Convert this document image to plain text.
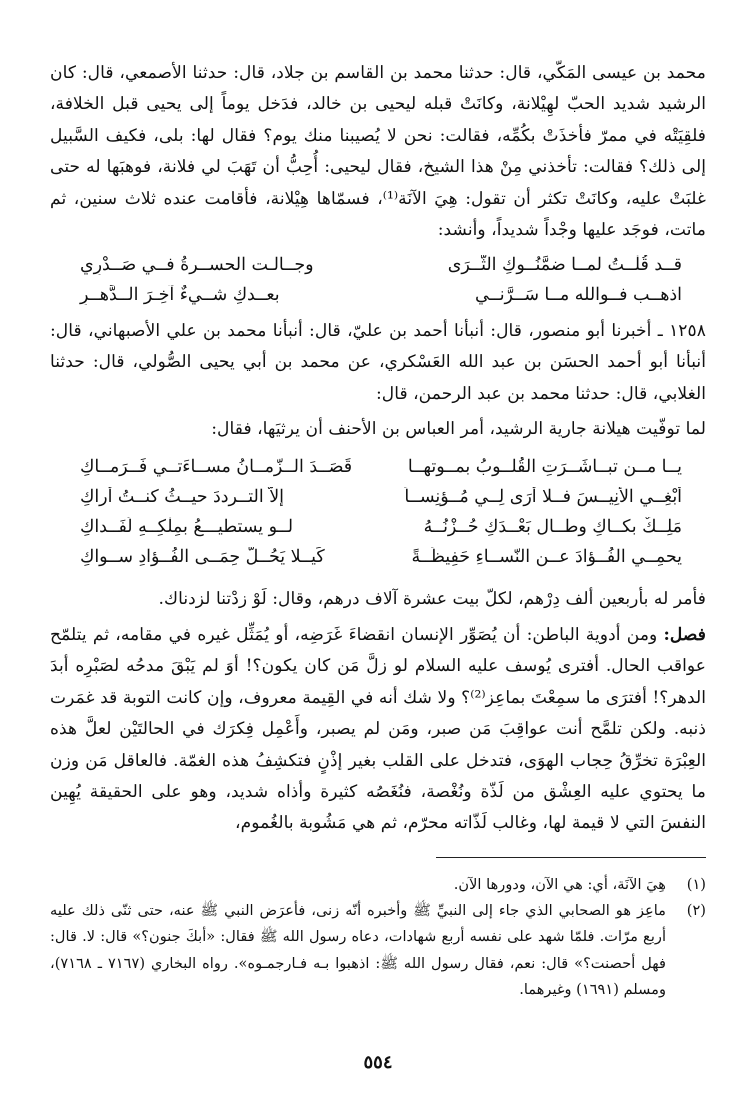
محمد بن عيسى المَكّي، قال: حدثنا محمد بن القاسم بن جلاد، قال: حدثنا الأصمعي، قال: كان الرشيد شديد الحبّ لهِيْلانة، وكانَتْ قبله ليحيى بن خالد، فدَخل يوماً إلى يحيى قبل الخلافة، فلقِيَتْه في ممرّ فأخذَتْ بكُمِّه، فقالت: نحن لا يُصيبنا منك يوم؟ فقال لها: بلى، فكيف السَّبيل إلى ذلك؟ فقالت: تأخذني مِنْ هذا الشيخ، فقال ليحيى: أُحِبُّ أن تَهَبَ لي فلانة، فوهبَها له حتى غلبَتْ عليه، وكانَتْ تكثر أن تقول: هِيَ الآنَة⁽¹⁾، فسمّاها هِيْلانة، فأقامت عنده ثلاث سنين، ثم ماتت، فوجَد عليها وجْداً شديداً، وأنشد:
قــد قُلْــتُ لمــا ضمَّنُــوكِ الثَّــرَى
وجــالـت الحســرةُ فــي صَــدْرِي
اذهــب فــوالله مــا سَــرَّنــي
بعــدكِ شــيءٌ آخِـرَ الــدَّهــرِ
١٢٥٨ ـ أخبرنا أبو منصور، قال: أنبأنا أحمد بن عليّ، قال: أنبأنا محمد بن علي الأصبهاني، قال: أنبأنا أبو أحمد الحسَن بن عبد الله العَسْكري، عن محمد بن أبي يحيى الصُّولي، قال: حدثنا الغلابي، قال: حدثنا محمد بن عبد الرحمن، قال:
لما توفّيت هيلانة جارية الرشيد، أمر العباس بن الأحنف أن يرثيَها، فقال:
يــا مــن تبــاشَــرَتِ القُلــوبُ بمــوتهــا
قَصَــدَ الــزّمــانُ مســاءَتــي فَــرَمــاكِ
أبْغِــي الأنِيــسَ فــلا أرَى لِــي مُــؤنِســاً
إلاّ التــرددَ حيــثُ كنــتُ أراكِ
مَلِــكٌ بكــاكِ وطــال بَعْــدَكِ حُــزْنُــهُ
لــو يستطيـــعُ بمِلْكِــهِ لَفَــداكِ
يحمِــي الفُــؤادَ عــن النّســاءِ حَفِيظَــةً
كَيــلا يَحُــلّ حِمَــى الفُــؤادِ ســواكِ
فأمر له بأربعين ألف دِرْهم، لكلّ بيت عشرة آلاف درهم، وقال: لَوْ زدْتنا لزدناك.
فصل: ومن أدوية الباطن: أن يُصَوِّر الإنسان انقضاءَ غَرَضِه، أو يُمَثِّل غيره في مقامه، ثم يتلمّح عواقب الحال. أفترى يُوسف عليه السلام لو زلَّ مَن كان يكون؟! أوَ لم يَبْقَ مدحُه لصَبْرِه أبدَ الدهر؟! أفترَى ما سمِعْتَ بماعِز⁽²⁾؟ ولا شك أنه في القِيمة معروف، وإن كانت التوبة قد غمَرت ذنبه. ولكن تلمَّح أنت عواقِبَ مَن صبر، ومَن لم يصبر، وأَعْمِل فِكرَك في الحالتَيْن لعلَّ هذه العِبْرَة تخرِّقُ حِجاب الهوَى، فتدخل على القلب بغير إذْنٍ فتكشِفُ هذه الغمّة. فالعاقل مَن وزن ما يحتوي عليه العِشْق من لَذّة ونُغْصة، فنُغَصُه كثيرة وأذاه شديد، وهو على الحقيقة يُهِين النفسَ التي لا قيمة لها، وغالب لَذّاته محرّم، ثم هي مَشُوبة بالغُموم،
(١)
هِيَ الآنَة، أي: هي الآن، ودورها الآن.
(٢)
ماعِز هو الصحابي الذي جاء إلى النبيِّ ﷺ وأخبره أنّه زنى، فأعرَض النبي ﷺ عنه، حتى ثنّى ذلك عليه أربع مرّات. فلمّا شهد على نفسه أربع شهادات، دعاه رسول الله ﷺ فقال: «أبكَ جنون؟» قال: لا. قال: فهل أحصنت؟» قال: نعم، فقال رسول الله ﷺ: اذهبوا بـه فـارجمـوه». رواه البخاري (٧١٦٧ ـ ٧١٦٨)، ومسلم (١٦٩١) وغيرهما.
٥٥٤
